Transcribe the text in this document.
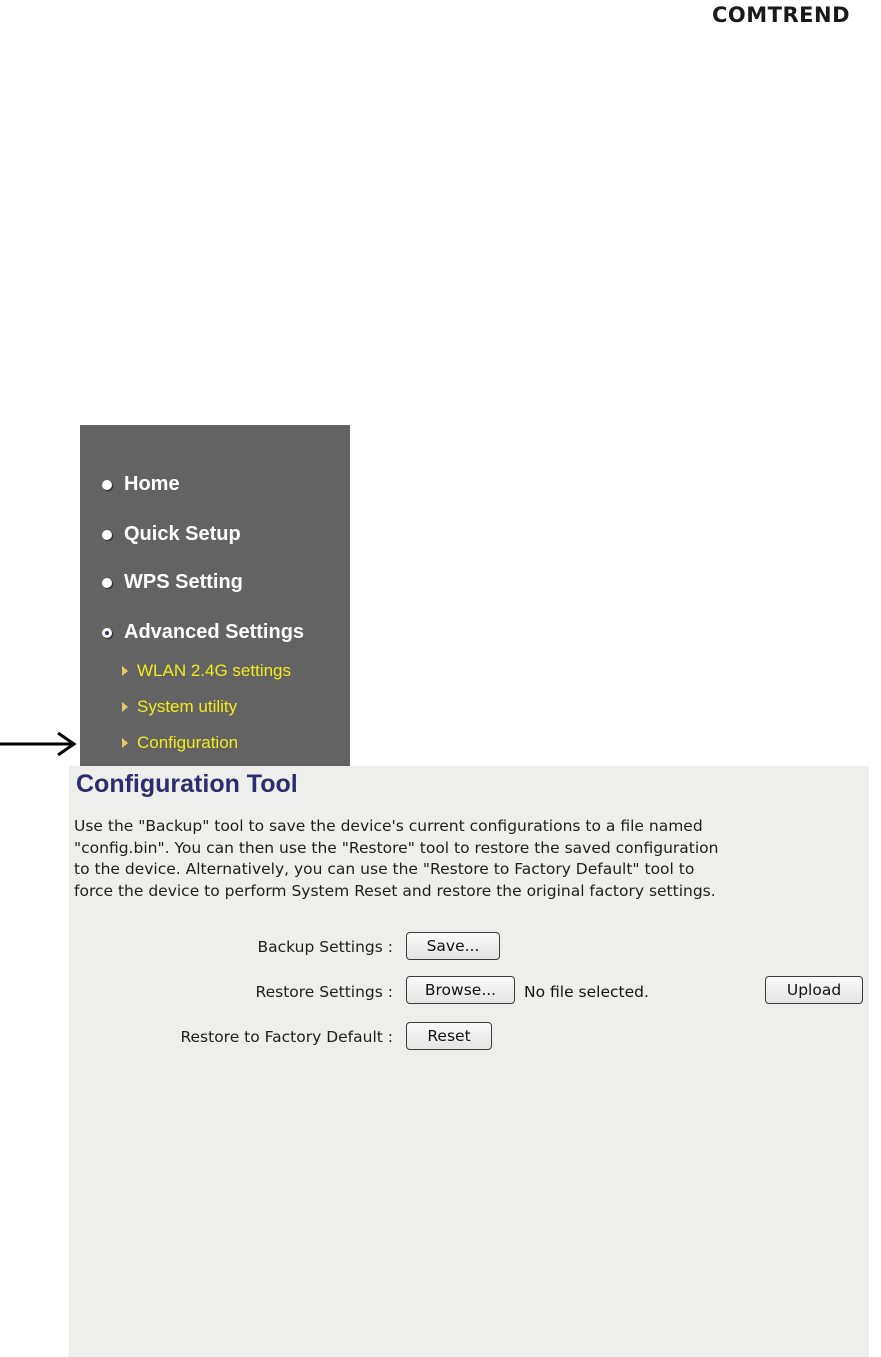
COMTREND
Home
Quick Setup
WPS Setting
Advanced Settings
WLAN 2.4G settings
System utility
Configuration
Configuration Tool
Use the "Backup" tool to save the device's current configurations to a file named
"config.bin". You can then use the "Restore" tool to restore the saved configuration
to the device. Alternatively, you can use the "Restore to Factory Default" tool to
force the device to perform System Reset and restore the original factory settings.
Backup Settings :	Save...
Restore Settings :	Browse...	No file selected.	Upload
Restore to Factory Default :	Reset
